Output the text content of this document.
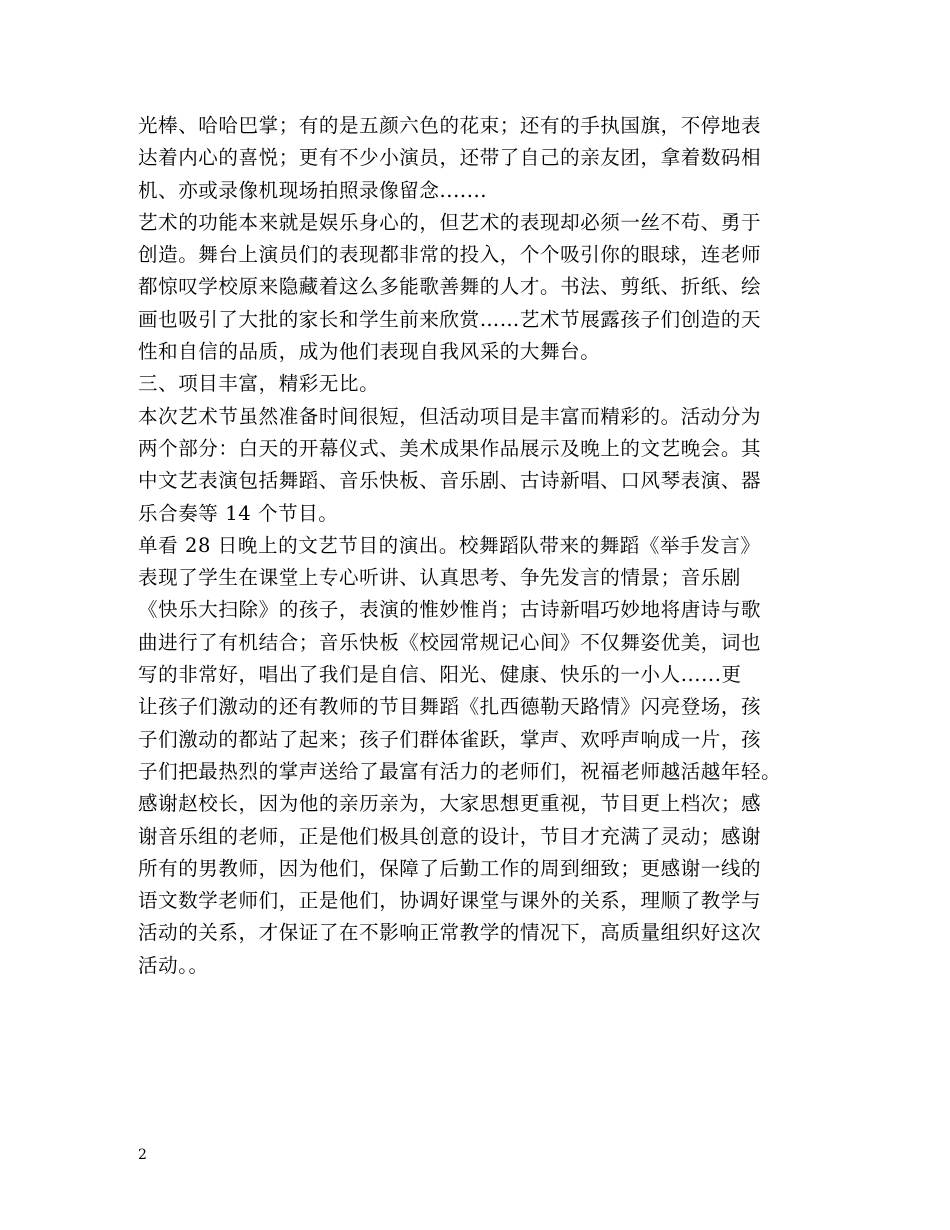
光棒、哈哈巴掌；有的是五颜六色的花束；还有的手执国旗，不停地表
达着内心的喜悦；更有不少小演员，还带了自己的亲友团，拿着数码相
机、亦或录像机现场拍照录像留念.......
艺术的功能本来就是娱乐身心的，但艺术的表现却必须一丝不苟、勇于
创造。舞台上演员们的表现都非常的投入，个个吸引你的眼球，连老师
都惊叹学校原来隐藏着这么多能歌善舞的人才。书法、剪纸、折纸、绘
画也吸引了大批的家长和学生前来欣赏……艺术节展露孩子们创造的天
性和自信的品质，成为他们表现自我风采的大舞台。
三、项目丰富，精彩无比。
本次艺术节虽然准备时间很短，但活动项目是丰富而精彩的。活动分为
两个部分：白天的开幕仪式、美术成果作品展示及晚上的文艺晚会。其
中文艺表演包括舞蹈、音乐快板、音乐剧、古诗新唱、口风琴表演、器
乐合奏等 14 个节目。
单看 28 日晚上的文艺节目的演出。校舞蹈队带来的舞蹈《举手发言》
表现了学生在课堂上专心听讲、认真思考、争先发言的情景；音乐剧
《快乐大扫除》的孩子，表演的惟妙惟肖；古诗新唱巧妙地将唐诗与歌
曲进行了有机结合；音乐快板《校园常规记心间》不仅舞姿优美，词也
写的非常好，唱出了我们是自信、阳光、健康、快乐的一小人......更
让孩子们激动的还有教师的节目舞蹈《扎西德勒天路情》闪亮登场，孩
子们激动的都站了起来；孩子们群体雀跃，掌声、欢呼声响成一片，孩
子们把最热烈的掌声送给了最富有活力的老师们，祝福老师越活越年轻。
感谢赵校长，因为他的亲历亲为，大家思想更重视，节目更上档次；感
谢音乐组的老师，正是他们极具创意的设计，节目才充满了灵动；感谢
所有的男教师，因为他们，保障了后勤工作的周到细致；更感谢一线的
语文数学老师们，正是他们，协调好课堂与课外的关系，理顺了教学与
活动的关系，才保证了在不影响正常教学的情况下，高质量组织好这次
活动。。
2
